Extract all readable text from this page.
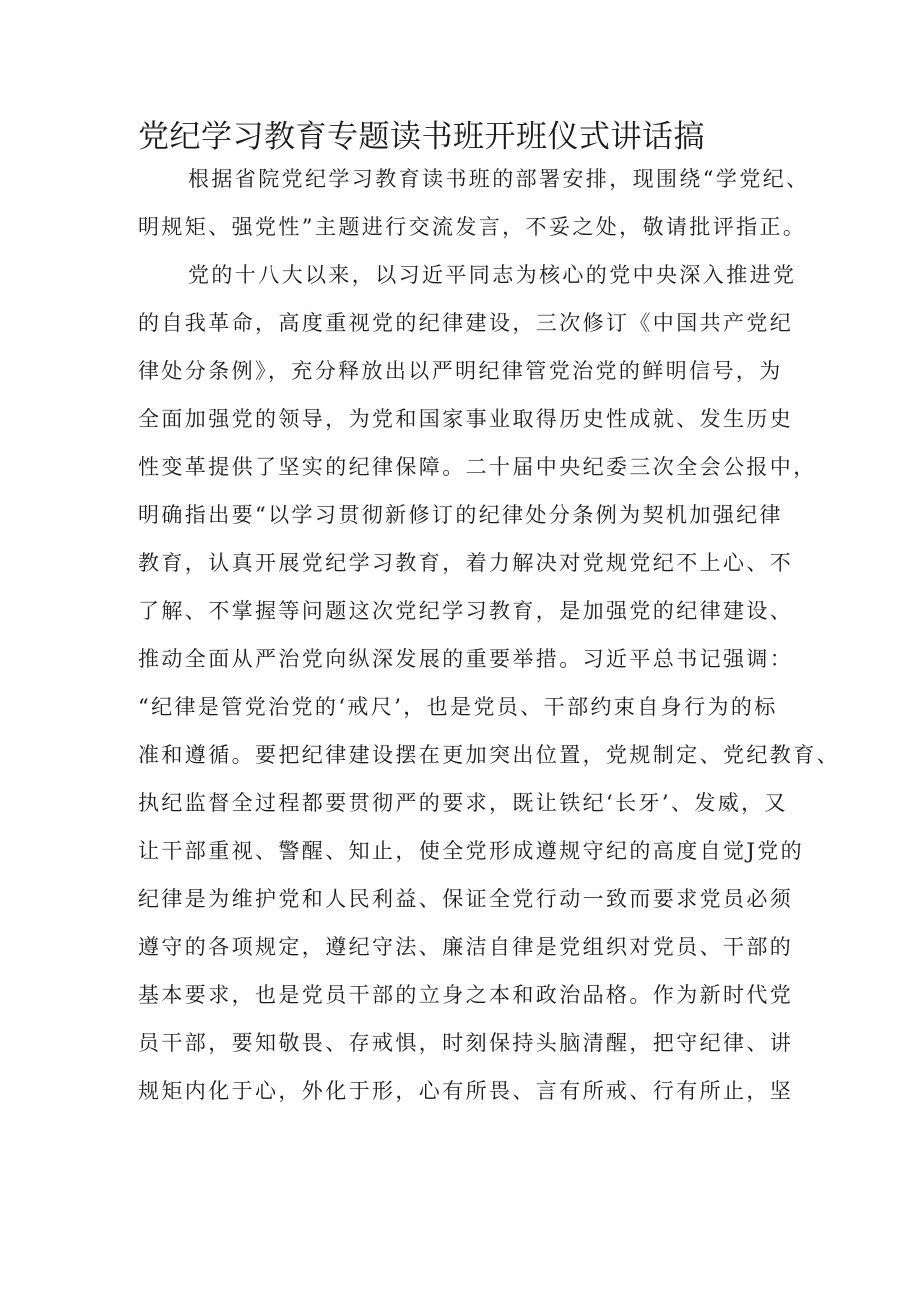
党纪学习教育专题读书班开班仪式讲话搞
根据省院党纪学习教育读书班的部署安排，现围绕“学党纪、
明规矩、强党性”主题进行交流发言，不妥之处，敬请批评指正。
党的十八大以来，以习近平同志为核心的党中央深入推进党
的自我革命，高度重视党的纪律建设，三次修订《中国共产党纪
律处分条例》，充分释放出以严明纪律管党治党的鲜明信号，为
全面加强党的领导，为党和国家事业取得历史性成就、发生历史
性变革提供了坚实的纪律保障。二十届中央纪委三次全会公报中，
明确指出要“以学习贯彻新修订的纪律处分条例为契机加强纪律
教育，认真开展党纪学习教育，着力解决对党规党纪不上心、不
了解、不掌握等问题这次党纪学习教育，是加强党的纪律建设、
推动全面从严治党向纵深发展的重要举措。习近平总书记强调：
“纪律是管党治党的‘戒尺’，也是党员、干部约束自身行为的标
准和遵循。要把纪律建设摆在更加突出位置，党规制定、党纪教育、
执纪监督全过程都要贯彻严的要求，既让铁纪‘长牙’、发威，又
让干部重视、警醒、知止，使全党形成遵规守纪的高度自觉J党的
纪律是为维护党和人民利益、保证全党行动一致而要求党员必须
遵守的各项规定，遵纪守法、廉洁自律是党组织对党员、干部的
基本要求，也是党员干部的立身之本和政治品格。作为新时代党
员干部，要知敬畏、存戒惧，时刻保持头脑清醒，把守纪律、讲
规矩内化于心，外化于形，心有所畏、言有所戒、行有所止，坚
